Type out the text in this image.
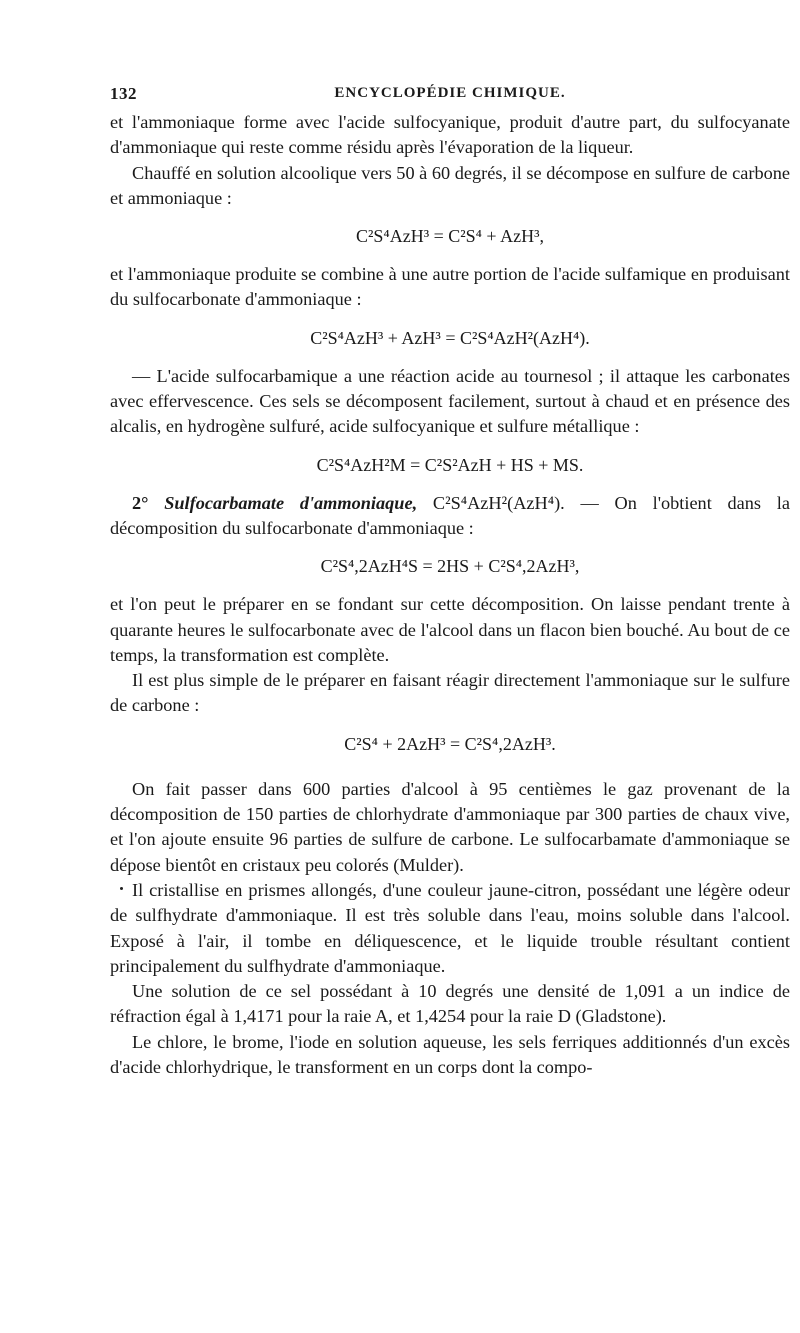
132	ENCYCLOPÉDIE CHIMIQUE.

et l'ammoniaque forme avec l'acide sulfocyanique, produit d'autre part, du sulfocyanate d'ammoniaque qui reste comme résidu après l'évaporation de la liqueur.

Chauffé en solution alcoolique vers 50 à 60 degrés, il se décompose en sulfure de carbone et ammoniaque :

C²S⁴AzH³ = C²S⁴ + AzH³,

et l'ammoniaque produite se combine à une autre portion de l'acide sulfamique en produisant du sulfocarbonate d'ammoniaque :

C²S⁴AzH³ + AzH³ = C²S⁴AzH²(AzH⁴).

— L'acide sulfocarbamique a une réaction acide au tournesol ; il attaque les carbonates avec effervescence. Ces sels se décomposent facilement, surtout à chaud et en présence des alcalis, en hydrogène sulfuré, acide sulfocyanique et sulfure métallique :

C²S⁴AzH²M = C²S²AzH + HS + MS.

2° Sulfocarbamate d'ammoniaque, C²S⁴AzH²(AzH⁴). — On l'obtient dans la décomposition du sulfocarbonate d'ammoniaque :

C²S⁴,2AzH⁴S = 2HS + C²S⁴,2AzH³,

et l'on peut le préparer en se fondant sur cette décomposition. On laisse pendant trente à quarante heures le sulfocarbonate avec de l'alcool dans un flacon bien bouché. Au bout de ce temps, la transformation est complète.

Il est plus simple de le préparer en faisant réagir directement l'ammoniaque sur le sulfure de carbone :

C²S⁴ + 2AzH³ = C²S⁴,2AzH³.

On fait passer dans 600 parties d'alcool à 95 centièmes le gaz provenant de la décomposition de 150 parties de chlorhydrate d'ammoniaque par 300 parties de chaux vive, et l'on ajoute ensuite 96 parties de sulfure de carbone. Le sulfocarbamate d'ammoniaque se dépose bientôt en cristaux peu colorés (Mulder).

Il cristallise en prismes allongés, d'une couleur jaune-citron, possédant une légère odeur de sulfhydrate d'ammoniaque. Il est très soluble dans l'eau, moins soluble dans l'alcool. Exposé à l'air, il tombe en déliquescence, et le liquide trouble résultant contient principalement du sulfhydrate d'ammoniaque.

Une solution de ce sel possédant à 10 degrés une densité de 1,091 a un indice de réfraction égal à 1,4171 pour la raie A, et 1,4254 pour la raie D (Gladstone).

Le chlore, le brome, l'iode en solution aqueuse, les sels ferriques additionnés d'un excès d'acide chlorhydrique, le transforment en un corps dont la compo-
